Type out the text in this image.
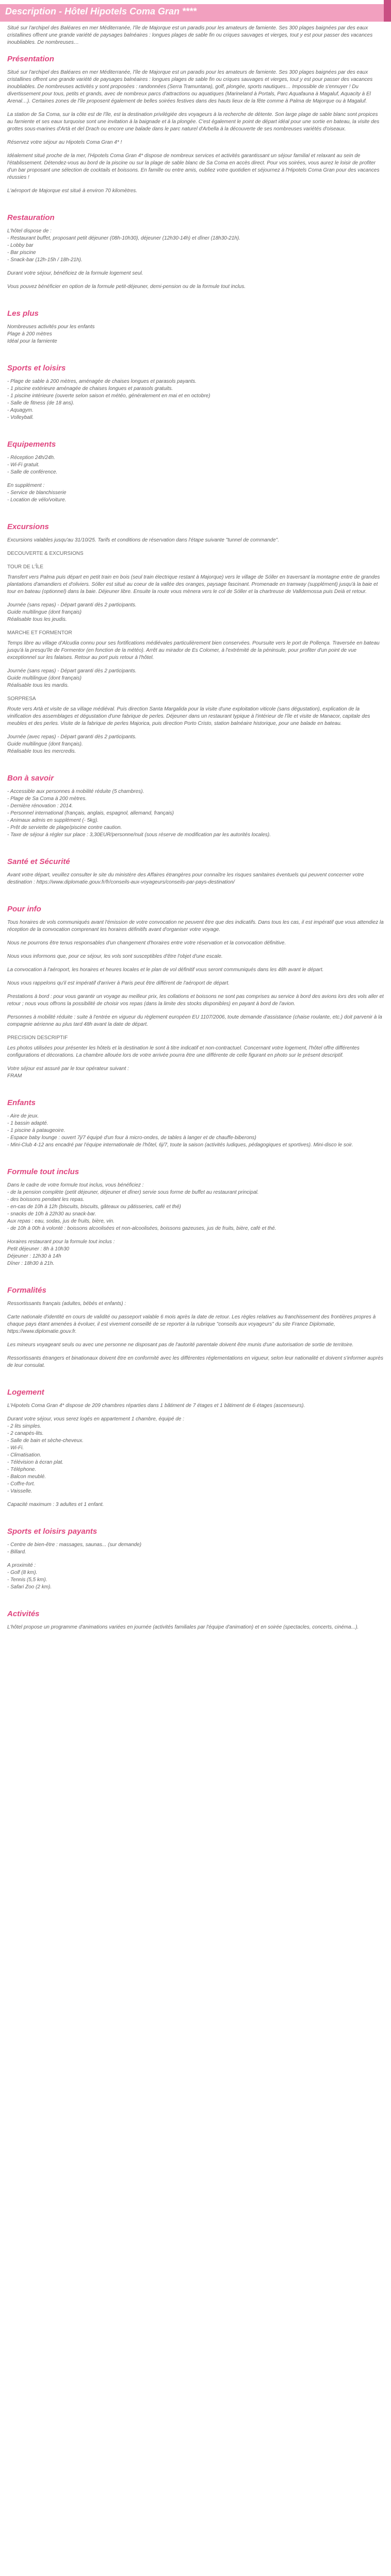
Description - Hôtel Hipotels Coma Gran ****

Situé sur l'archipel des Baléares en mer Méditerranée, l'île de Majorque est un paradis pour les amateurs de farniente. Ses 300 plages baignées par des eaux cristallines offrent une grande variété de paysages balnéaires : longues plages de sable fin ou criques sauvages et vierges, tout y est pour passer des vacances inoubliables. De nombreuses…

Présentation

Situé sur l'archipel des Baléares en mer Méditerranée, l'île de Majorque est un paradis pour les amateurs de farniente. Ses 300 plages baignées par des eaux cristallines offrent une grande variété de paysages balnéaires : longues plages de sable fin ou criques sauvages et vierges, tout y est pour passer des vacances inoubliables. De nombreuses activités y sont proposées : randonnées (Serra Tramuntana), golf, plongée, sports nautiques… Impossible de s'ennuyer ! Du divertissement pour tous, petits et grands, avec de nombreux parcs d'attractions ou aquatiques (Marineland à Portals, Parc Aquafauna à Magaluf, Aquacity à El Arenal…). Certaines zones de l'île proposent également de belles soirées festives dans des hauts lieux de la fête comme à Palma de Majorque ou à Magaluf.

La station de Sa Coma, sur la côte est de l'île, est la destination privilégiée des voyageurs à la recherche de détente. Son large plage de sable blanc sont propices au farniente et ses eaux turquoise sont une invitation à la baignade et à la plongée. C'est également le point de départ idéal pour une sortie en bateau, la visite des grottes sous-marines d'Artà et del Drach ou encore une balade dans le parc naturel d'Arbella à la découverte de ses nombreuses variétés d'oiseaux.

Réservez votre séjour au Hipotels Coma Gran 4* !

Idéalement situé proche de la mer, l'Hipotels Coma Gran 4* dispose de nombreux services et activités garantissant un séjour familial et relaxant au sein de l'établissement. Détendez-vous au bord de la piscine ou sur la plage de sable blanc de Sa Coma en accès direct. Pour vos soirées, vous aurez le loisir de profiter d'un bar proposant une sélection de cocktails et boissons. En famille ou entre amis, oubliez votre quotidien et séjournez à l'Hipotels Coma Gran pour des vacances réussies !

L'aéroport de Majorque est situé à environ 70 kilomètres.

Restauration
L'hôtel dispose de :
- Restaurant buffet, proposant petit déjeuner (08h-10h30), déjeuner (12h30-14h) et dîner (18h30-21h).
- Lobby bar
- Bar piscine
- Snack-bar (12h-15h / 18h-21h).

Durant votre séjour, bénéficiez de la formule logement seul.

Vous pouvez bénéficier en option de la formule petit-déjeuner, demi-pension ou de la formule tout inclus.

Les plus
Nombreuses activités pour les enfants
Plage à 200 mètres
Idéal pour la farniente
Sports et loisirs
- Plage de sable à 200 mètres, aménagée de chaises longues et parasols payants.
- 1 piscine extérieure aménagée de chaises longues et parasols gratuits.
- 1 piscine intérieure (ouverte selon saison et météo, généralement en mai et en octobre)
- Salle de fitness (de 18 ans).
- Aquagym.
- Volleyball.
Equipements
- Réception 24h/24h.
- Wi-Fi gratuit.
- Salle de conférence.
En supplément :
- Service de blanchisserie
- Location de vélo/voiture.
Excursions

Excursions valables jusqu'au 31/10/25. Tarifs et conditions de réservation dans l'étape suivante "tunnel de commande".

DECOUVERTE & EXCURSIONS
TOUR DE L'ÎLE

Transfert vers Palma puis départ en petit train en bois (seul train électrique restant à Majorque) vers le village de Sóller en traversant la montagne entre de grandes plantations d'amandiers et d'oliviers. Sóller est situé au coeur de la vallée des oranges, paysage fascinant. Promenade en tramway (supplément) jusqu'à la baie et tour en bateau (optionnel) dans la baie. Déjeuner libre. Ensuite la route vous mènera vers le col de Sóller et la chartreuse de Valldemossa puis Deià et retour.

Journée (sans repas) - Départ garanti dès 2 participants.
Guide multilingue (dont français)
Réalisable tous les jeudis.
MARCHE ET FORMENTOR

Temps libre au village d'Alcudia connu pour ses fortifications médiévales particulièrement bien conservées. Poursuite vers le port de Pollença. Traversée en bateau jusqu'à la presqu'île de Formentor (en fonction de la météo). Arrêt au mirador de Es Colomer, à l'extrémité de la péninsule, pour profiter d'un point de vue exceptionnel sur les falaises. Retour au port puis retour à l'hôtel.

Journée (sans repas) - Départ garanti dès 2 participants.
Guide multilingue (dont français)
Réalisable tous les mardis.
SORPRESA

Route vers Artà et visite de sa village médiéval. Puis direction Santa Margalida pour la visite d'une exploitation viticole (sans dégustation), explication de la vinification des assemblages et dégustation d'une fabrique de perles. Déjeuner dans un restaurant typique à l'intérieur de l'île et visite de Manacor, capitale des meubles et des perles. Visite de la fabrique de perles Majorica, puis direction Porto Cristo, station balnéaire historique, pour une balade en bateau.

Journée (avec repas) - Départ garanti dès 2 participants.
Guide multilingue (dont français).
Réalisable tous les mercredis.
Bon à savoir
- Accessible aux personnes à mobilité réduite (5 chambres).
- Plage de Sa Coma à 200 mètres.
- Dernière rénovation : 2014.
- Personnel international (français, anglais, espagnol, allemand, français)
- Animaux admis en supplément (- 5kg).
- Prêt de serviette de plage/piscine contre caution.
- Taxe de séjour à régler sur place : 3,30EUR/personne/nuit (sous réserve de modification par les autorités locales).
Santé et Sécurité

Avant votre départ, veuillez consulter le site du ministère des Affaires étrangères pour connaître les risques sanitaires éventuels qui peuvent concerner votre destination : https://www.diplomatie.gouv.fr/fr/conseils-aux-voyageurs/conseils-par-pays-destination/

Pour info

Tous horaires de vols communiqués avant l'émission de votre convocation ne peuvent être que des indicatifs. Dans tous les cas, il est impératif que vous attendiez la réception de la convocation comprenant les horaires définitifs avant d'organiser votre voyage.

Nous ne pourrons être tenus responsables d'un changement d'horaires entre votre réservation et la convocation définitive.

Nous vous informons que, pour ce séjour, les vols sont susceptibles d'être l'objet d'une escale.

La convocation à l'aéroport, les horaires et heures locales et le plan de vol définitif vous seront communiqués dans les 48h avant le départ.

Nous vous rappelons qu'il est impératif d'arriver à Paris peut être différent de l'aéroport de départ.

Prestations à bord : pour vous garantir un voyage au meilleur prix, les collations et boissons ne sont pas comprises au service à bord des avions lors des vols aller et retour ; nous vous offrons la possibilité de choisir vos repas (dans la limite des stocks disponibles) en payant à bord de l'avion.

Personnes à mobilité réduite : suite à l'entrée en vigueur du règlement européen EU 1107/2006, toute demande d'assistance (chaise roulante, etc.) doit parvenir à la compagnie aérienne au plus tard 48h avant la date de départ.

PRECISION DESCRIPTIF

Les photos utilisées pour présenter les hôtels et la destination le sont à titre indicatif et non-contractuel. Concernant votre logement, l'hôtel offre différentes configurations et décorations. La chambre allouée lors de votre arrivée pourra être une différente de celle figurant en photo sur le présent descriptif.

Votre séjour est assuré par le tour opérateur suivant :
FRAM
Enfants
- Aire de jeux.
- 1 bassin adapté.
- 1 piscine à pataugeoire.
- Espace baby lounge : ouvert 7j/7 équipé d'un four à micro-ondes, de tables à langer et de chauffe-biberons)
- Mini-Club 4-12 ans encadré par l'équipe internationale de l'hôtel, 6j/7, toute la saison (activités ludiques, pédagogiques et sportives). Mini-disco le soir.
Formule tout inclus
Dans le cadre de votre formule tout inclus, vous bénéficiez :
- de la pension complète (petit déjeuner, déjeuner et dîner) servie sous forme de buffet au restaurant principal.
- des boissons pendant les repas.
- en-cas de 10h à 12h (biscuits, biscuits, gâteaux ou pâtisseries, café et thé)
- snacks de 10h à 22h30 au snack-bar.
Aux repas : eau, sodas, jus de fruits, bière, vin.
- de 10h à 00h à volonté : boissons alcoolisées et non-alcoolisées, boissons gazeuses, jus de fruits, bière, café et thé.
Horaires restaurant pour la formule tout inclus :
Petit déjeuner : 8h à 10h30
Déjeuner : 12h30 à 14h
Dîner : 18h30 à 21h.
Formalités

Ressortissants français (adultes, bébés et enfants) :

Carte nationale d'identité en cours de validité ou passeport valable 6 mois après la date de retour. Les règles relatives au franchissement des frontières propres à chaque pays étant amenées à évoluer, il est vivement conseillé de se reporter à la rubrique "conseils aux voyageurs" du site France Diplomatie, https://www.diplomatie.gouv.fr.

Les mineurs voyageant seuls ou avec une personne ne disposant pas de l'autorité parentale doivent être munis d'une autorisation de sortie de territoire.

Ressortissants étrangers et binationaux doivent être en conformité avec les différentes réglementations en vigueur, selon leur nationalité et doivent s'informer auprès de leur consulat.

Logement

L'Hipotels Coma Gran 4* dispose de 209 chambres réparties dans 1 bâtiment de 7 étages et 1 bâtiment de 6 étages (ascenseurs).

Durant votre séjour, vous serez logés en appartement 1 chambre, équipé de :
- 2 lits simples.
- 2 canapés-lits.
- Salle de bain et sèche-cheveux.
- Wi-Fi.
- Climatisation.
- Télévision à écran plat.
- Téléphone.
- Balcon meublé.
- Coffre-fort.
- Vaisselle.

Capacité maximum : 3 adultes et 1 enfant.

Sports et loisirs payants
- Centre de bien-être : massages, saunas... (sur demande)
- Billard.
A proximité :
- Golf (8 km).
- Tennis (5,5 km).
- Safari Zoo (2 km).
Activités

L'hôtel propose un programme d'animations variées en journée (activités familiales par l'équipe d'animation) et en soirée (spectacles, concerts, cinéma...).
